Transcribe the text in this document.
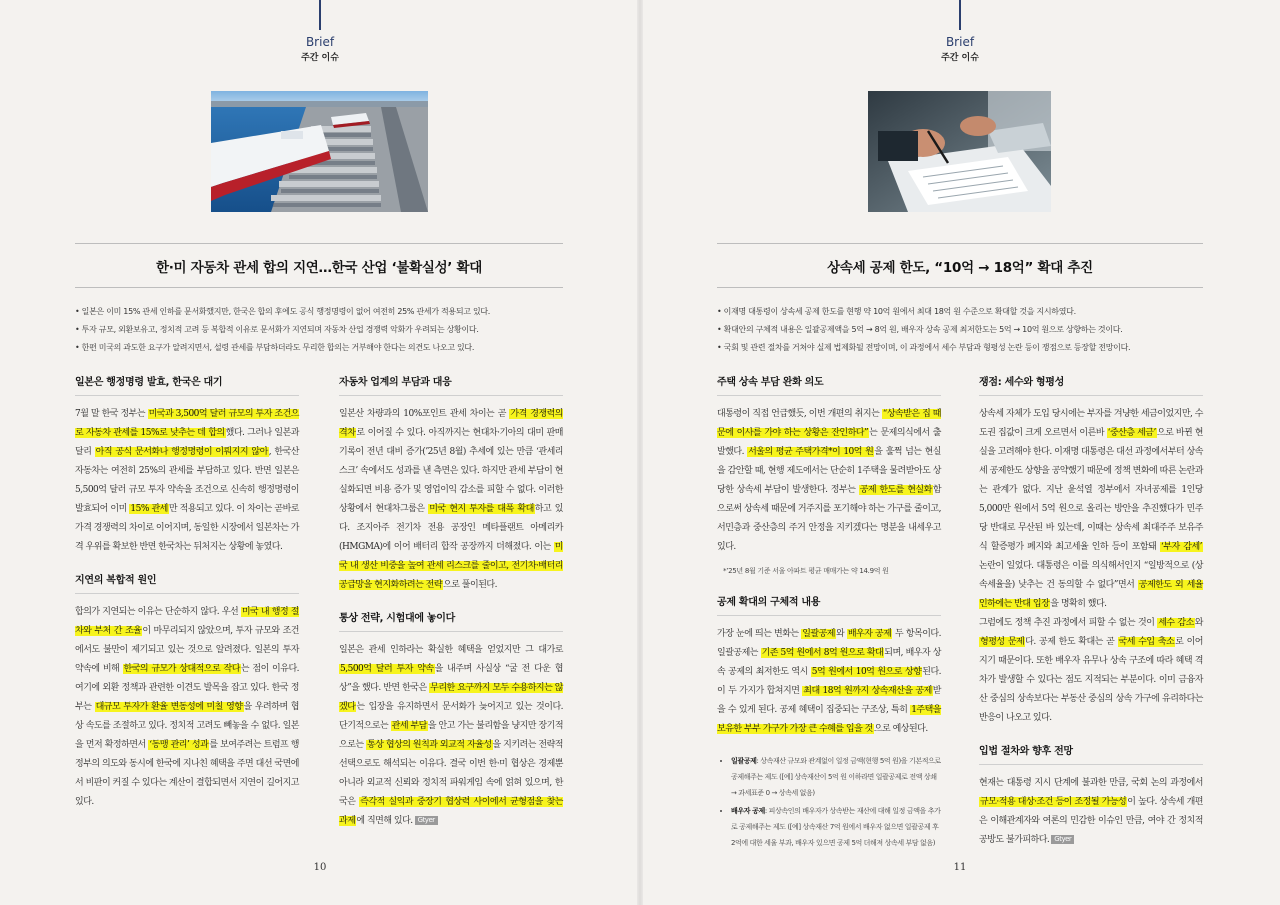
Brief
주간 이슈
한·미 자동차 관세 합의 지연…한국 산업 ‘불확실성’ 확대
• 일본은 이미 15% 관세 인하를 문서화했지만, 한국은 합의 후에도 공식 행정명령이 없어 여전히 25% 관세가 적용되고 있다.
• 투자 규모, 외환보유고, 정치적 고려 등 복합적 이유로 문서화가 지연되며 자동차 산업 경쟁력 악화가 우려되는 상황이다.
• 한편 미국의 과도한 요구가 알려지면서, 설령 관세를 부담하더라도 무리한 합의는 거부해야 한다는 의견도 나오고 있다.
일본은 행정명령 발효, 한국은 대기

7월 말 한국 정부는 미국과 3,500억 달러 규모의 투자 조건으로 자동차 관세를 15%로 낮추는 데 합의했다. 그러나 일본과 달리 아직 공식 문서화나 행정명령이 이뤄지지 않아, 한국산 자동차는 여전히 25%의 관세를 부담하고 있다. 반면 일본은 5,500억 달러 규모 투자 약속을 조건으로 신속히 행정명령이 발효되어 이미 15% 관세만 적용되고 있다. 이 차이는 곧바로 가격 경쟁력의 차이로 이어지며, 동일한 시장에서 일본차는 가격 우위를 확보한 반면 한국차는 뒤처지는 상황에 놓였다.

지연의 복합적 원인

합의가 지연되는 이유는 단순하지 않다. 우선 미국 내 행정 절차와 부처 간 조율이 마무리되지 않았으며, 투자 규모와 조건에서도 불만이 제기되고 있는 것으로 알려졌다. 일본의 투자 약속에 비해 한국의 규모가 상대적으로 작다는 점이 이유다. 여기에 외환 정책과 관련한 이견도 발목을 잡고 있다. 한국 정부는 대규모 투자가 환율 변동성에 미칠 영향을 우려하며 협상 속도를 조절하고 있다. 정치적 고려도 빼놓을 수 없다. 일본을 먼저 확정하면서 ‘동맹 관리’ 성과를 보여주려는 트럼프 행정부의 의도와 동시에 한국에 지나친 혜택을 주면 대선 국면에서 비판이 커질 수 있다는 계산이 결합되면서 지연이 길어지고 있다.

자동차 업계의 부담과 대응

일본산 차량과의 10%포인트 관세 차이는 곧 가격 경쟁력의 격차로 이어질 수 있다. 아직까지는 현대차·기아의 대미 판매기록이 전년 대비 증가(’25년 8월) 추세에 있는 만큼 ‘관세리스크’ 속에서도 성과를 낸 측면은 있다. 하지만 관세 부담이 현실화되면 비용 증가 및 영업이익 감소를 피할 수 없다. 이러한 상황에서 현대차그룹은 미국 현지 투자를 대폭 확대하고 있다. 조지아주 전기차 전용 공장인 메타플랜트 아메리카(HMGMA)에 이어 배터리 합작 공장까지 더해졌다. 이는 미국 내 생산 비중을 높여 관세 리스크를 줄이고, 전기차·배터리 공급망을 현지화하려는 전략으로 풀이된다.

통상 전략, 시험대에 놓이다

일본은 관세 인하라는 확실한 혜택을 얻었지만 그 대가로 5,500억 달러 투자 약속을 내주며 사실상 “굴 전 다운 협상”을 했다. 반면 한국은 무리한 요구까지 모두 수용하지는 않겠다는 입장을 유지하면서 문서화가 늦어지고 있는 것이다. 단기적으로는 관세 부담을 안고 가는 불리함을 냥지만 장기적으로는 통상 협상의 원칙과 외교적 자율성을 지키려는 전략적 선택으로도 해석되는 이유다. 결국 이번 한·미 협상은 경제뿐 아니라 외교적 신뢰와 정치적 파워게임 속에 얽혀 있으며, 한국은 즉각적 실익과 중장기 협상력 사이에서 균형점을 찾는 과제에 직면해 있다. Gtyer

10
Brief
주간 이슈
상속세 공제 한도, “10억 → 18억” 확대 추진
• 이재명 대통령이 상속세 공제 한도를 현행 약 10억 원에서 최대 18억 원 수준으로 확대할 것을 지시하였다.
• 확대안의 구체적 내용은 일괄공제액을 5억 → 8억 원, 배우자 상속 공제 최저한도는 5억 → 10억 원으로 상향하는 것이다.
• 국회 및 관련 절차를 거쳐야 실제 법제화될 전망이며, 이 과정에서 세수 부담과 형평성 논란 등이 쟁점으로 등장할 전망이다.
주택 상속 부담 완화 의도

대통령이 직접 언급했듯, 이번 개편의 취지는 “상속받은 집 때문에 이사를 가야 하는 상황은 잔인하다”는 문제의식에서 출발했다. 서울의 평균 주택가격*이 10억 원을 훌쩍 넘는 현실을 감안할 때, 현행 제도에서는 단순히 1주택을 물려받아도 상당한 상속세 부담이 발생한다. 정부는 공제 한도를 현실화함으로써 상속세 때문에 거주지를 포기해야 하는 가구를 줄이고, 서민층과 중산층의 주거 안정을 지키겠다는 명분을 내세우고 있다.

*’25년 8월 기준 서울 아파트 평균 매매가는 약 14.9억 원
공제 확대의 구체적 내용

가장 눈에 띄는 변화는 일괄공제와 배우자 공제 두 항목이다. 일괄공제는 기존 5억 원에서 8억 원으로 확대되며, 배우자 상속 공제의 최저한도 역시 5억 원에서 10억 원으로 상향된다. 이 두 가지가 합쳐지면 최대 18억 원까지 상속재산을 공제받을 수 있게 된다. 공제 혜택이 집중되는 구조상, 특히 1주택을 보유한 부부 가구가 가장 큰 수혜를 입을 것으로 예상된다.

• 일괄공제: 상속재산 규모와 관계없이 일정 금액(현행 5억 원)을 기본적으로 공제해주는 제도 ([예] 상속재산이 5억 원 이하라면 일괄공제로 전액 상쇄 → 과세표준 0 → 상속세 없음)
• 배우자 공제: 피상속인의 배우자가 상속받는 재산에 대해 일정 금액을 추가로 공제해주는 제도 ([예] 상속재산 7억 원에서 배우자 없으면 일괄공제 후 2억에 대한 세율 부과, 배우자 있으면 공제 5억 더해져 상속세 부담 없음)
쟁점: 세수와 형평성

상속세 자체가 도입 당시에는 부자를 겨냥한 세금이었지만, 수도권 집값이 크게 오르면서 이른바 ‘중산층 세금’으로 바뀐 현실을 고려해야 한다. 이재명 대통령은 대선 과정에서부터 상속세 공제한도 상향을 공약했기 때문에 정책 변화에 따른 논란과는 관계가 없다. 지난 윤석열 정부에서 자녀공제를 1인당 5,000만 원에서 5억 원으로 올리는 방안을 추진했다가 민주당 반대로 무산된 바 있는데, 이때는 상속세 최대주주 보유주식 할증평가 폐지와 최고세율 인하 등이 포함돼 ‘부자 감세’ 논란이 일었다. 대통령은 이를 의식해서인지 “일방적으로 (상속세율을) 낮추는 건 동의할 수 없다”면서 공제한도 외 세율 인하에는 반대 입장을 명확히 했다.

그럼에도 정책 추진 과정에서 피할 수 없는 것이 세수 감소와 형평성 문제다. 공제 한도 확대는 곧 국세 수입 축소로 이어지기 때문이다. 또한 배우자 유무나 상속 구조에 따라 혜택 격차가 발생할 수 있다는 점도 지적되는 부분이다. 이미 금융자산 중심의 상속보다는 부동산 중심의 상속 가구에 유리하다는 반응이 나오고 있다.

입법 절차와 향후 전망

현재는 대통령 지시 단계에 불과한 만큼, 국회 논의 과정에서 규모·적용 대상·조건 등이 조정될 가능성이 높다. 상속세 개편은 이해관계자와 여론의 민감한 이슈인 만큼, 여야 간 정치적 공방도 불가피하다. Gtyer

11
